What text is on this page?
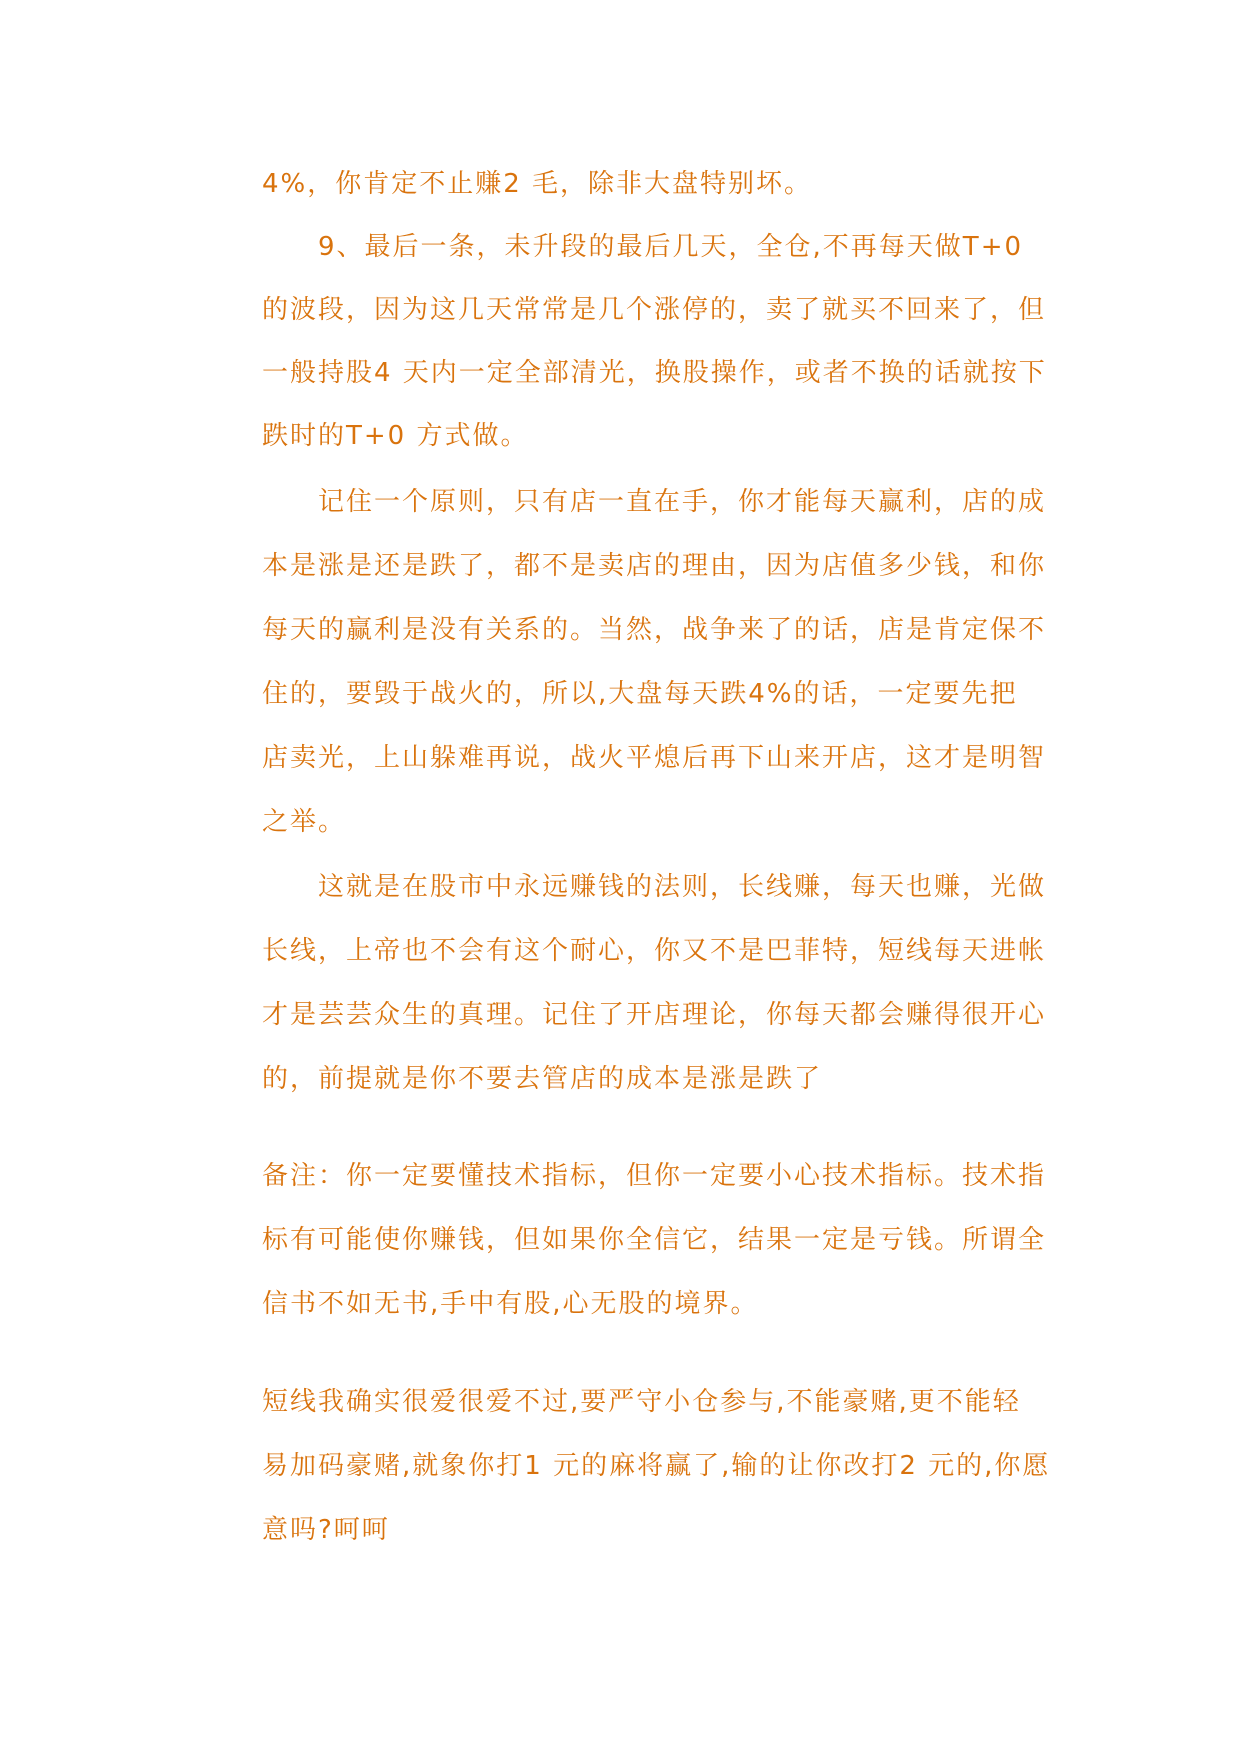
4%，你肯定不止赚2 毛，除非大盘特别坏。

9、最后一条，未升段的最后几天，全仓,不再每天做T+0

的波段，因为这几天常常是几个涨停的，卖了就买不回来了，但

一般持股4 天内一定全部清光，换股操作，或者不换的话就按下

跌时的T+0 方式做。

记住一个原则，只有店一直在手，你才能每天赢利，店的成

本是涨是还是跌了，都不是卖店的理由，因为店值多少钱，和你

每天的赢利是没有关系的。当然，战争来了的话，店是肯定保不

住的，要毁于战火的，所以,大盘每天跌4%的话，一定要先把

店卖光，上山躲难再说，战火平熄后再下山来开店，这才是明智

之举。

这就是在股市中永远赚钱的法则，长线赚，每天也赚，光做

长线，上帝也不会有这个耐心，你又不是巴菲特，短线每天进帐

才是芸芸众生的真理。记住了开店理论，你每天都会赚得很开心

的，前提就是你不要去管店的成本是涨是跌了

备注：你一定要懂技术指标，但你一定要小心技术指标。技术指

标有可能使你赚钱，但如果你全信它，结果一定是亏钱。所谓全

信书不如无书,手中有股,心无股的境界。

短线我确实很爱很爱不过,要严守小仓参与,不能豪赌,更不能轻

易加码豪赌,就象你打1 元的麻将赢了,输的让你改打2 元的,你愿

意吗?呵呵
